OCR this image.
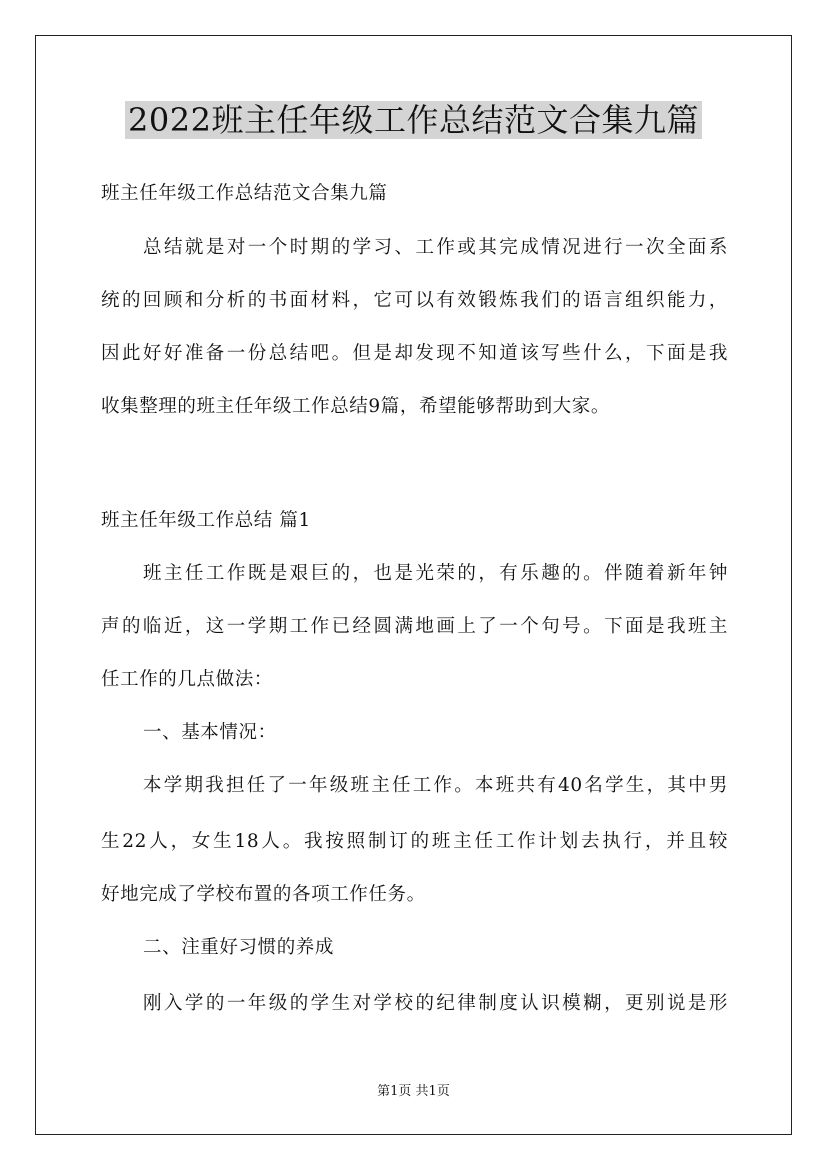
2022班主任年级工作总结范文合集九篇
班主任年级工作总结范文合集九篇
总结就是对一个时期的学习、工作或其完成情况进行一次全面系
统的回顾和分析的书面材料，它可以有效锻炼我们的语言组织能力，
因此好好准备一份总结吧。但是却发现不知道该写些什么，下面是我
收集整理的班主任年级工作总结9篇，希望能够帮助到大家。
班主任年级工作总结 篇1
班主任工作既是艰巨的，也是光荣的，有乐趣的。伴随着新年钟
声的临近，这一学期工作已经圆满地画上了一个句号。下面是我班主
任工作的几点做法：
一、基本情况：
本学期我担任了一年级班主任工作。本班共有40名学生，其中男
生22人，女生18人。我按照制订的班主任工作计划去执行，并且较
好地完成了学校布置的各项工作任务。
二、注重好习惯的养成
刚入学的一年级的学生对学校的纪律制度认识模糊，更别说是形
第1页 共1页
